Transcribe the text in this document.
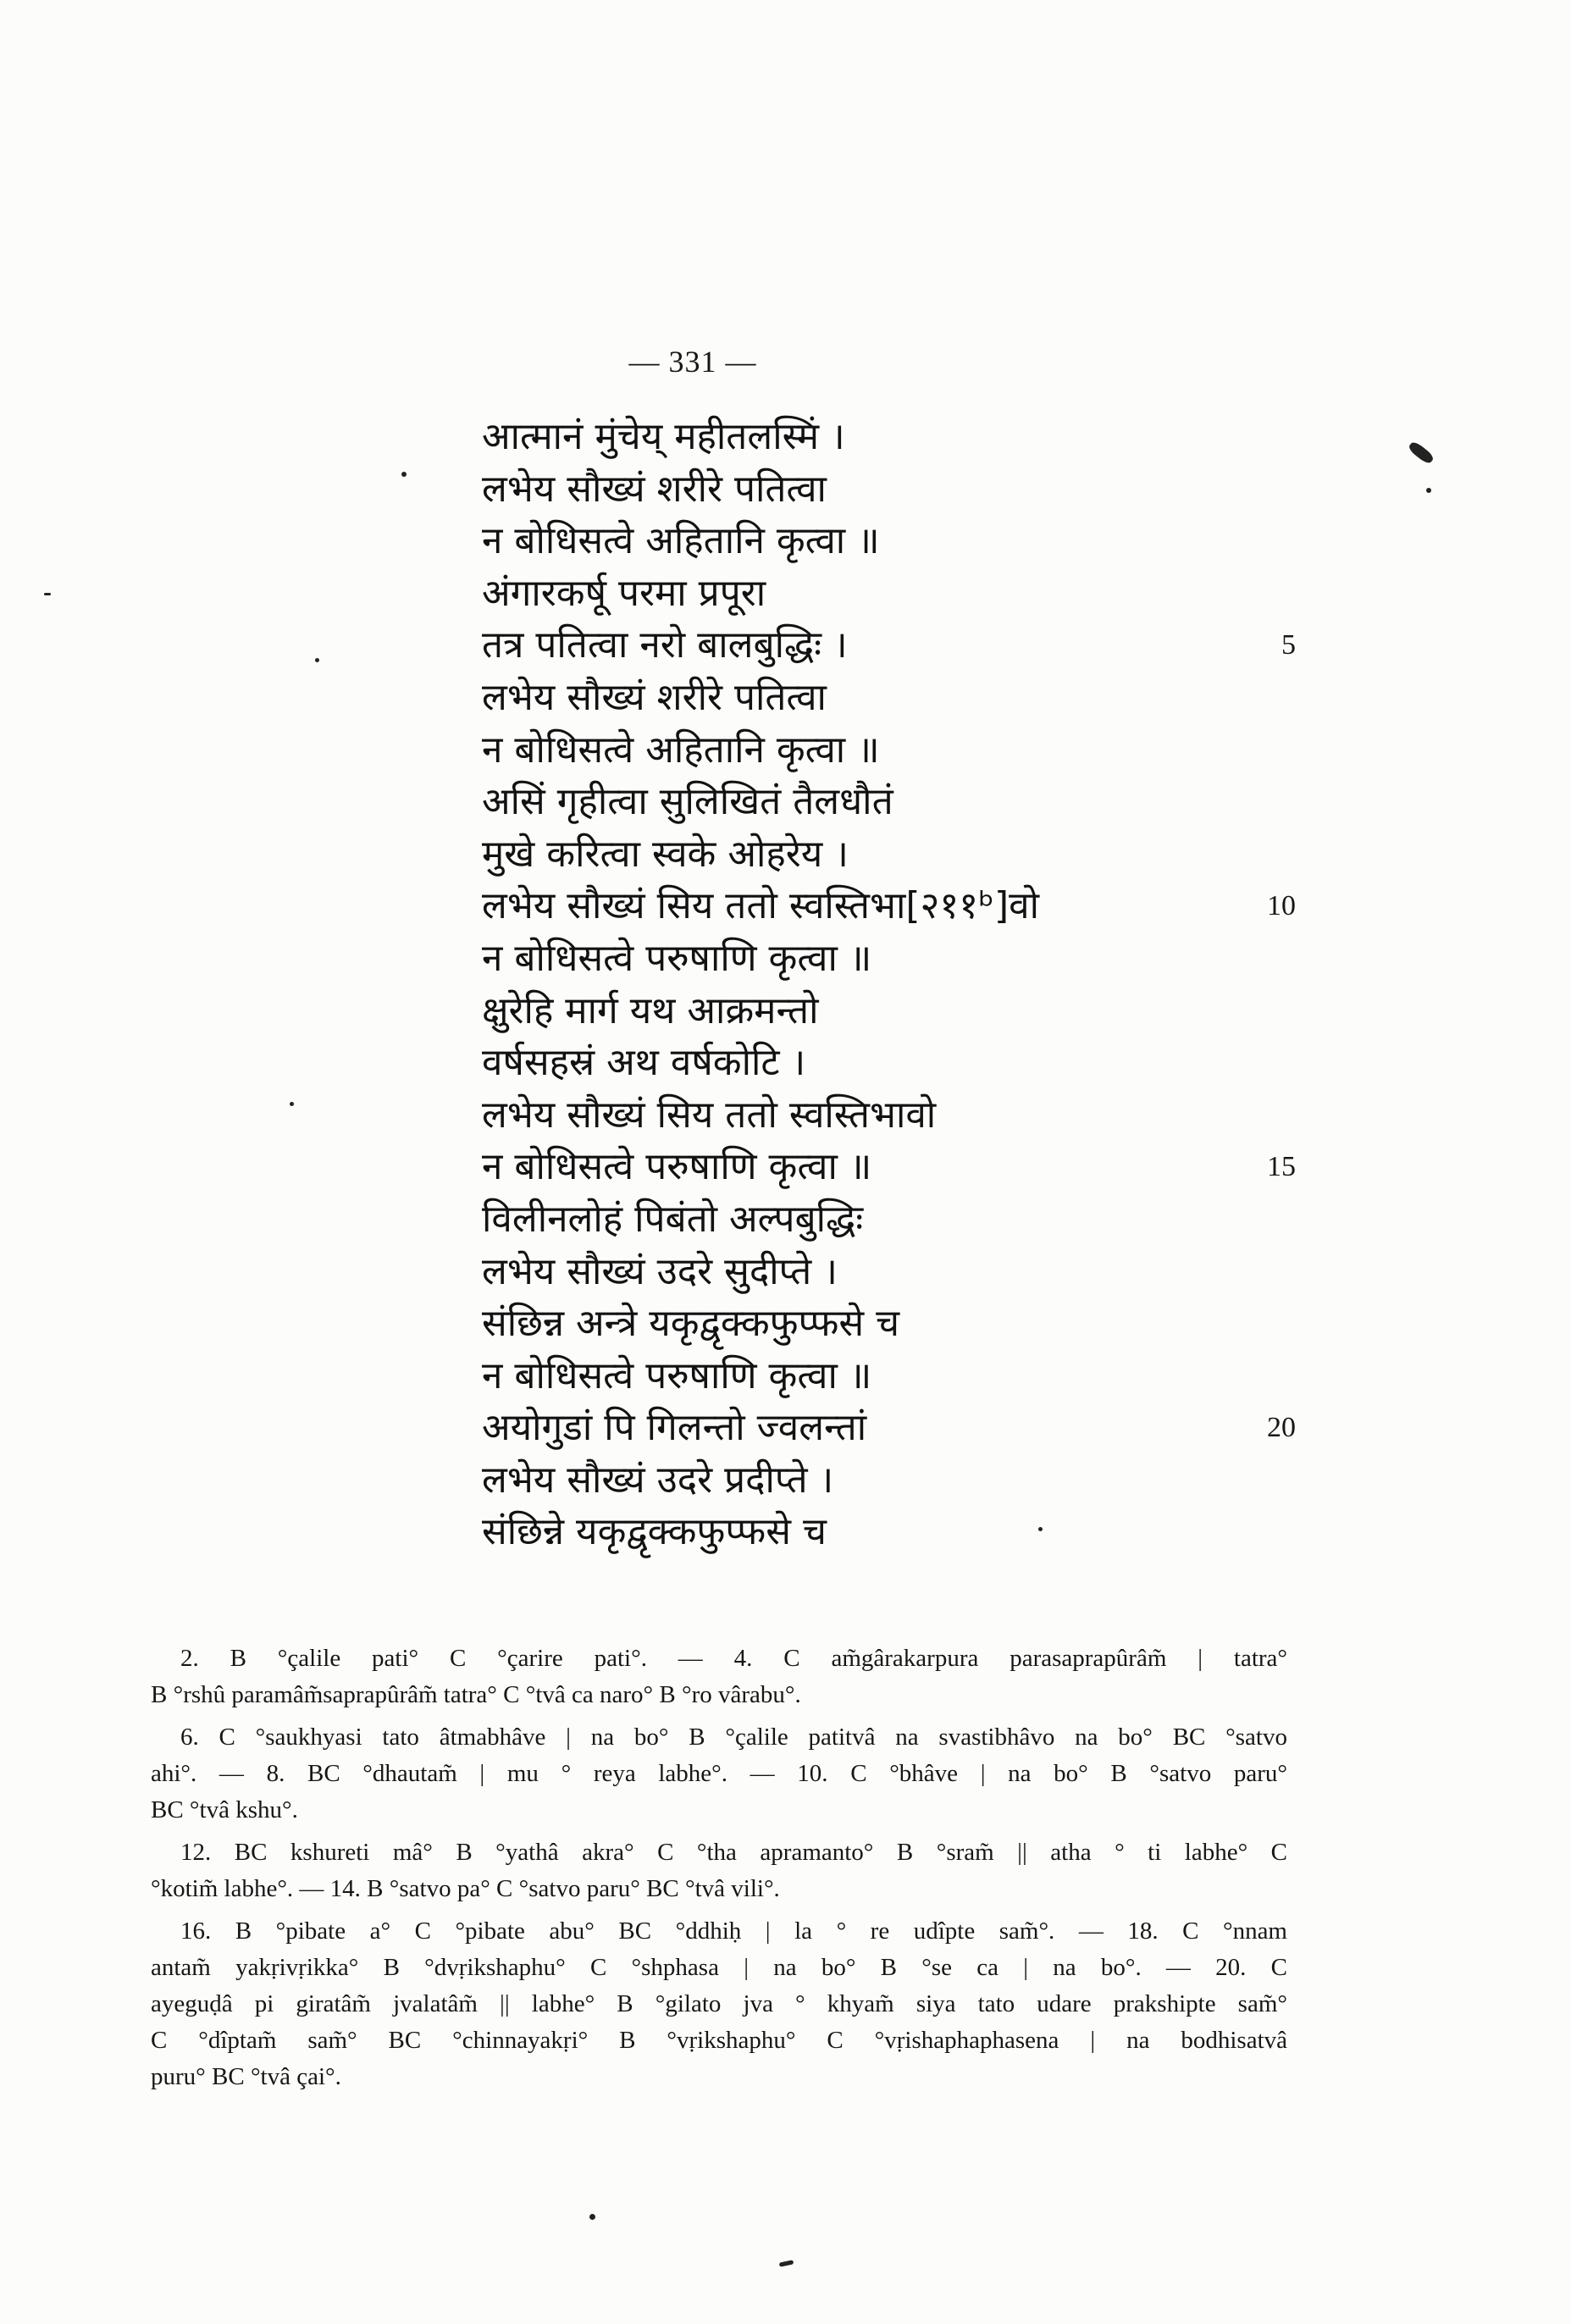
— 331 —
आत्मानं मुंचेय् महीतलस्मिं ।
लभेय सौख्यं शरीरे पतित्वा
न बोधिसत्वे अहितानि कृत्वा ॥
अंगारकर्षू परमा प्रपूरा
तत्र पतित्वा नरो बालबुद्धिः ।	5
लभेय सौख्यं शरीरे पतित्वा
न बोधिसत्वे अहितानि कृत्वा ॥
असिं गृहीत्वा सुलिखितं तैलधौतं
मुखे करित्वा स्वके ओहरेय ।
लभेय सौख्यं सिय ततो स्वस्तिभा[२११ᵇ]वो	10
न बोधिसत्वे परुषाणि कृत्वा ॥
क्षुरेहि मार्ग यथ आक्रमन्तो
वर्षसहस्रं अथ वर्षकोटि ।
लभेय सौख्यं सिय ततो स्वस्तिभावो
न बोधिसत्वे परुषाणि कृत्वा ॥	15
विलीनलोहं पिबंतो अल्पबुद्धिः
लभेय सौख्यं उदरे सुदीप्ते ।
संछिन्न अन्त्रे यकृद्वृक्कफुप्फसे च
न बोधिसत्वे परुषाणि कृत्वा ॥
अयोगुडां पि गिलन्तो ज्वलन्तां	20
लभेय सौख्यं उदरे प्रदीप्ते ।
संछिन्ने यकृद्वृक्कफुप्फसे च
2. B °çalile pati° C °çarire pati°. — 4. C am̃gârakarpura parasaprapûrâm̃ | tatra°
B °rshû paramâm̃saprapûrâm̃ tatra° C °tvâ ca naro° B °ro vârabu°.
6. C °saukhyasi tato âtmabhâve | na bo° B °çalile patitvâ na svastibhâvo na bo° BC °satvo
ahi°. — 8. BC °dhautam̃ | mu ° reya labhe°. — 10. C °bhâve | na bo° B °satvo paru°
BC °tvâ kshu°.
12. BC kshureti mâ° B °yathâ akra° C °tha apramanto° B °sram̃ || atha ° ti labhe° C
°kotim̃ labhe°. — 14. B °satvo pa° C °satvo paru° BC °tvâ vili°.
16. B °pibate a° C °pibate abu° BC °ddhiḥ | la ° re udîpte sam̃°. — 18. C °nnam
antam̃ yakṛivṛikka° B °dvṛikshaphu° C °shphasa | na bo° B °se ca | na bo°. — 20. C
ayeguḍâ pi giratâm̃ jvalatâm̃ || labhe° B °gilato jva ° khyam̃ siya tato udare prakshipte sam̃°
C °dîptam̃ sam̃° BC °chinnayakṛi° B °vṛikshaphu° C °vṛishaphaphasena | na bodhisatvâ
puru° BC °tvâ çai°.
